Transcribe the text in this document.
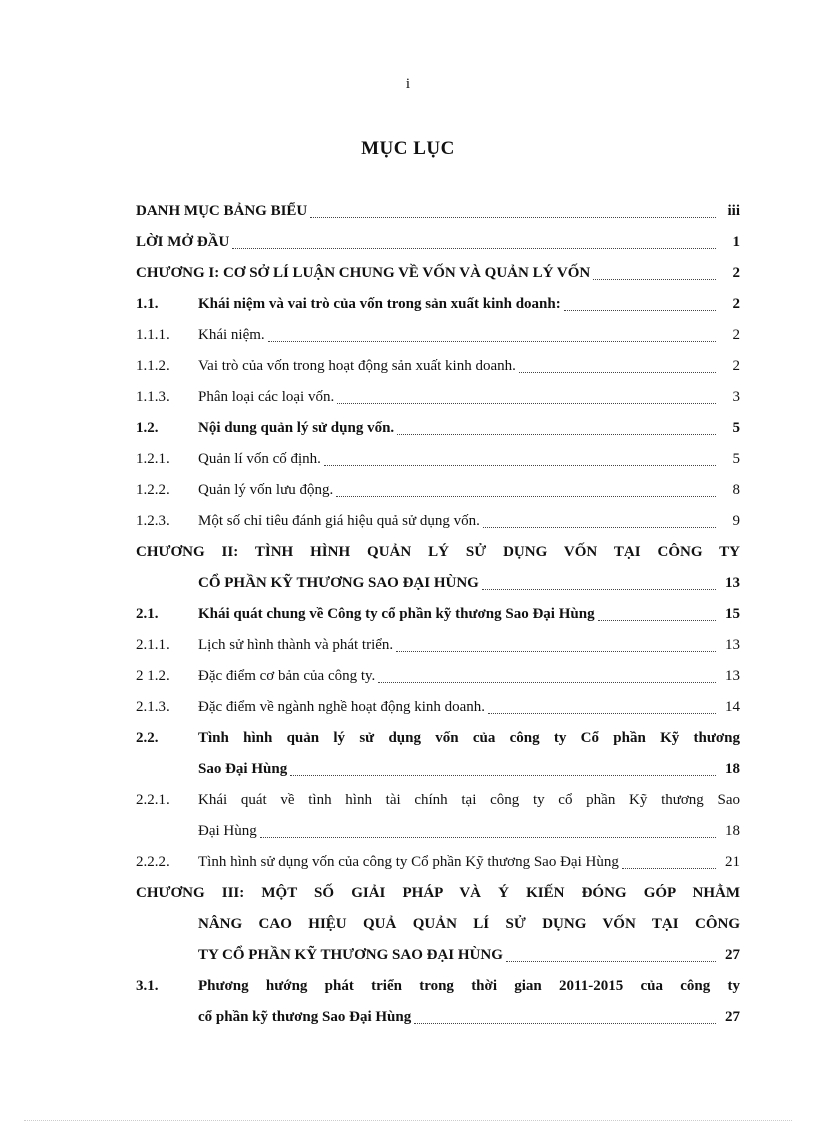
i
MỤC LỤC
DANH MỤC BẢNG BIỂU	iii
LỜI MỞ ĐẦU	1
CHƯƠNG I: CƠ SỞ LÍ LUẬN CHUNG VỀ VỐN VÀ QUẢN LÝ VỐN	2
1.1.	Khái niệm và vai trò của vốn trong sản xuất kinh doanh:	2
1.1.1. Khái niệm.	2
1.1.2. Vai trò của vốn trong hoạt động sản xuất kinh doanh.	2
1.1.3. Phân loại các loại vốn.	3
1.2.	Nội dung quản lý sử dụng vốn.	5
1.2.1. Quản lí vốn cố định.	5
1.2.2. Quản lý vốn lưu động.	8
1.2.3. Một số chỉ tiêu đánh giá hiệu quả sử dụng vốn.	9
CHƯƠNG II: TÌNH HÌNH QUẢN LÝ SỬ DỤNG VỐN TẠI CÔNG TY
CỔ PHẦN KỸ THƯƠNG SAO ĐẠI HÙNG	13
2.1.	Khái quát chung về Công ty cổ phần kỹ thương Sao Đại Hùng	15
2.1.1. Lịch sử hình thành và phát triển.	13
2 1.2. Đặc điểm cơ bản của công ty.	13
2.1.3. Đặc điểm về ngành nghề hoạt động kinh doanh.	14
2.2.	Tình hình quản lý sử dụng vốn của công ty Cổ phần Kỹ thương
Sao Đại Hùng	18
2.2.1. Khái quát về tình hình tài chính tại công ty cổ phần Kỹ thương Sao
Đại Hùng	18
2.2.2. Tình hình sử dụng vốn của công ty Cổ phần Kỹ thương Sao Đại Hùng	21
CHƯƠNG III: MỘT SỐ GIẢI PHÁP VÀ Ý KIẾN ĐÓNG GÓP NHẰM
NÂNG CAO HIỆU QUẢ QUẢN LÍ SỬ DỤNG VỐN TẠI CÔNG
TY CỔ PHẦN KỸ THƯƠNG SAO ĐẠI HÙNG	27
3.1.	Phương hướng phát triển trong thời gian 2011-2015 của công ty
cổ phần kỹ thương Sao Đại Hùng	27
